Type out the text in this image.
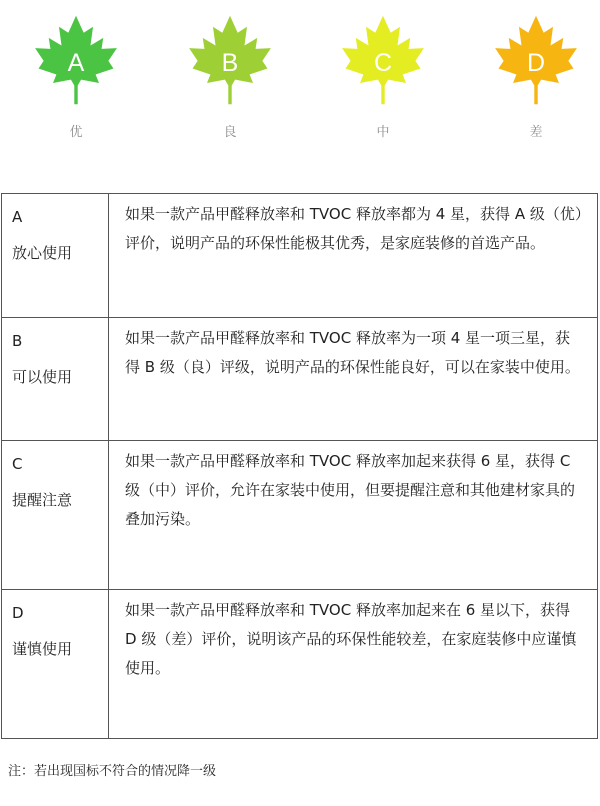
A
优
B
良
C
中
D
差
A
放心使用	如果一款产品甲醛释放率和 TVOC 释放率都为 4 星，获得 A 级（优）评价，说明产品的环保性能极其优秀，是家庭装修的首选产品。

B
可以使用	如果一款产品甲醛释放率和 TVOC 释放率为一项 4 星一项三星，获得 B 级（良）评级，说明产品的环保性能良好，可以在家装中使用。

C
提醒注意	如果一款产品甲醛释放率和 TVOC 释放率加起来获得 6 星，获得 C 级（中）评价，允许在家装中使用，但要提醒注意和其他建材家具的叠加污染。

D
谨慎使用	如果一款产品甲醛释放率和 TVOC 释放率加起来在 6 星以下，获得 D 级（差）评价，说明该产品的环保性能较差，在家庭装修中应谨慎使用。
注：若出现国标不符合的情况降一级
